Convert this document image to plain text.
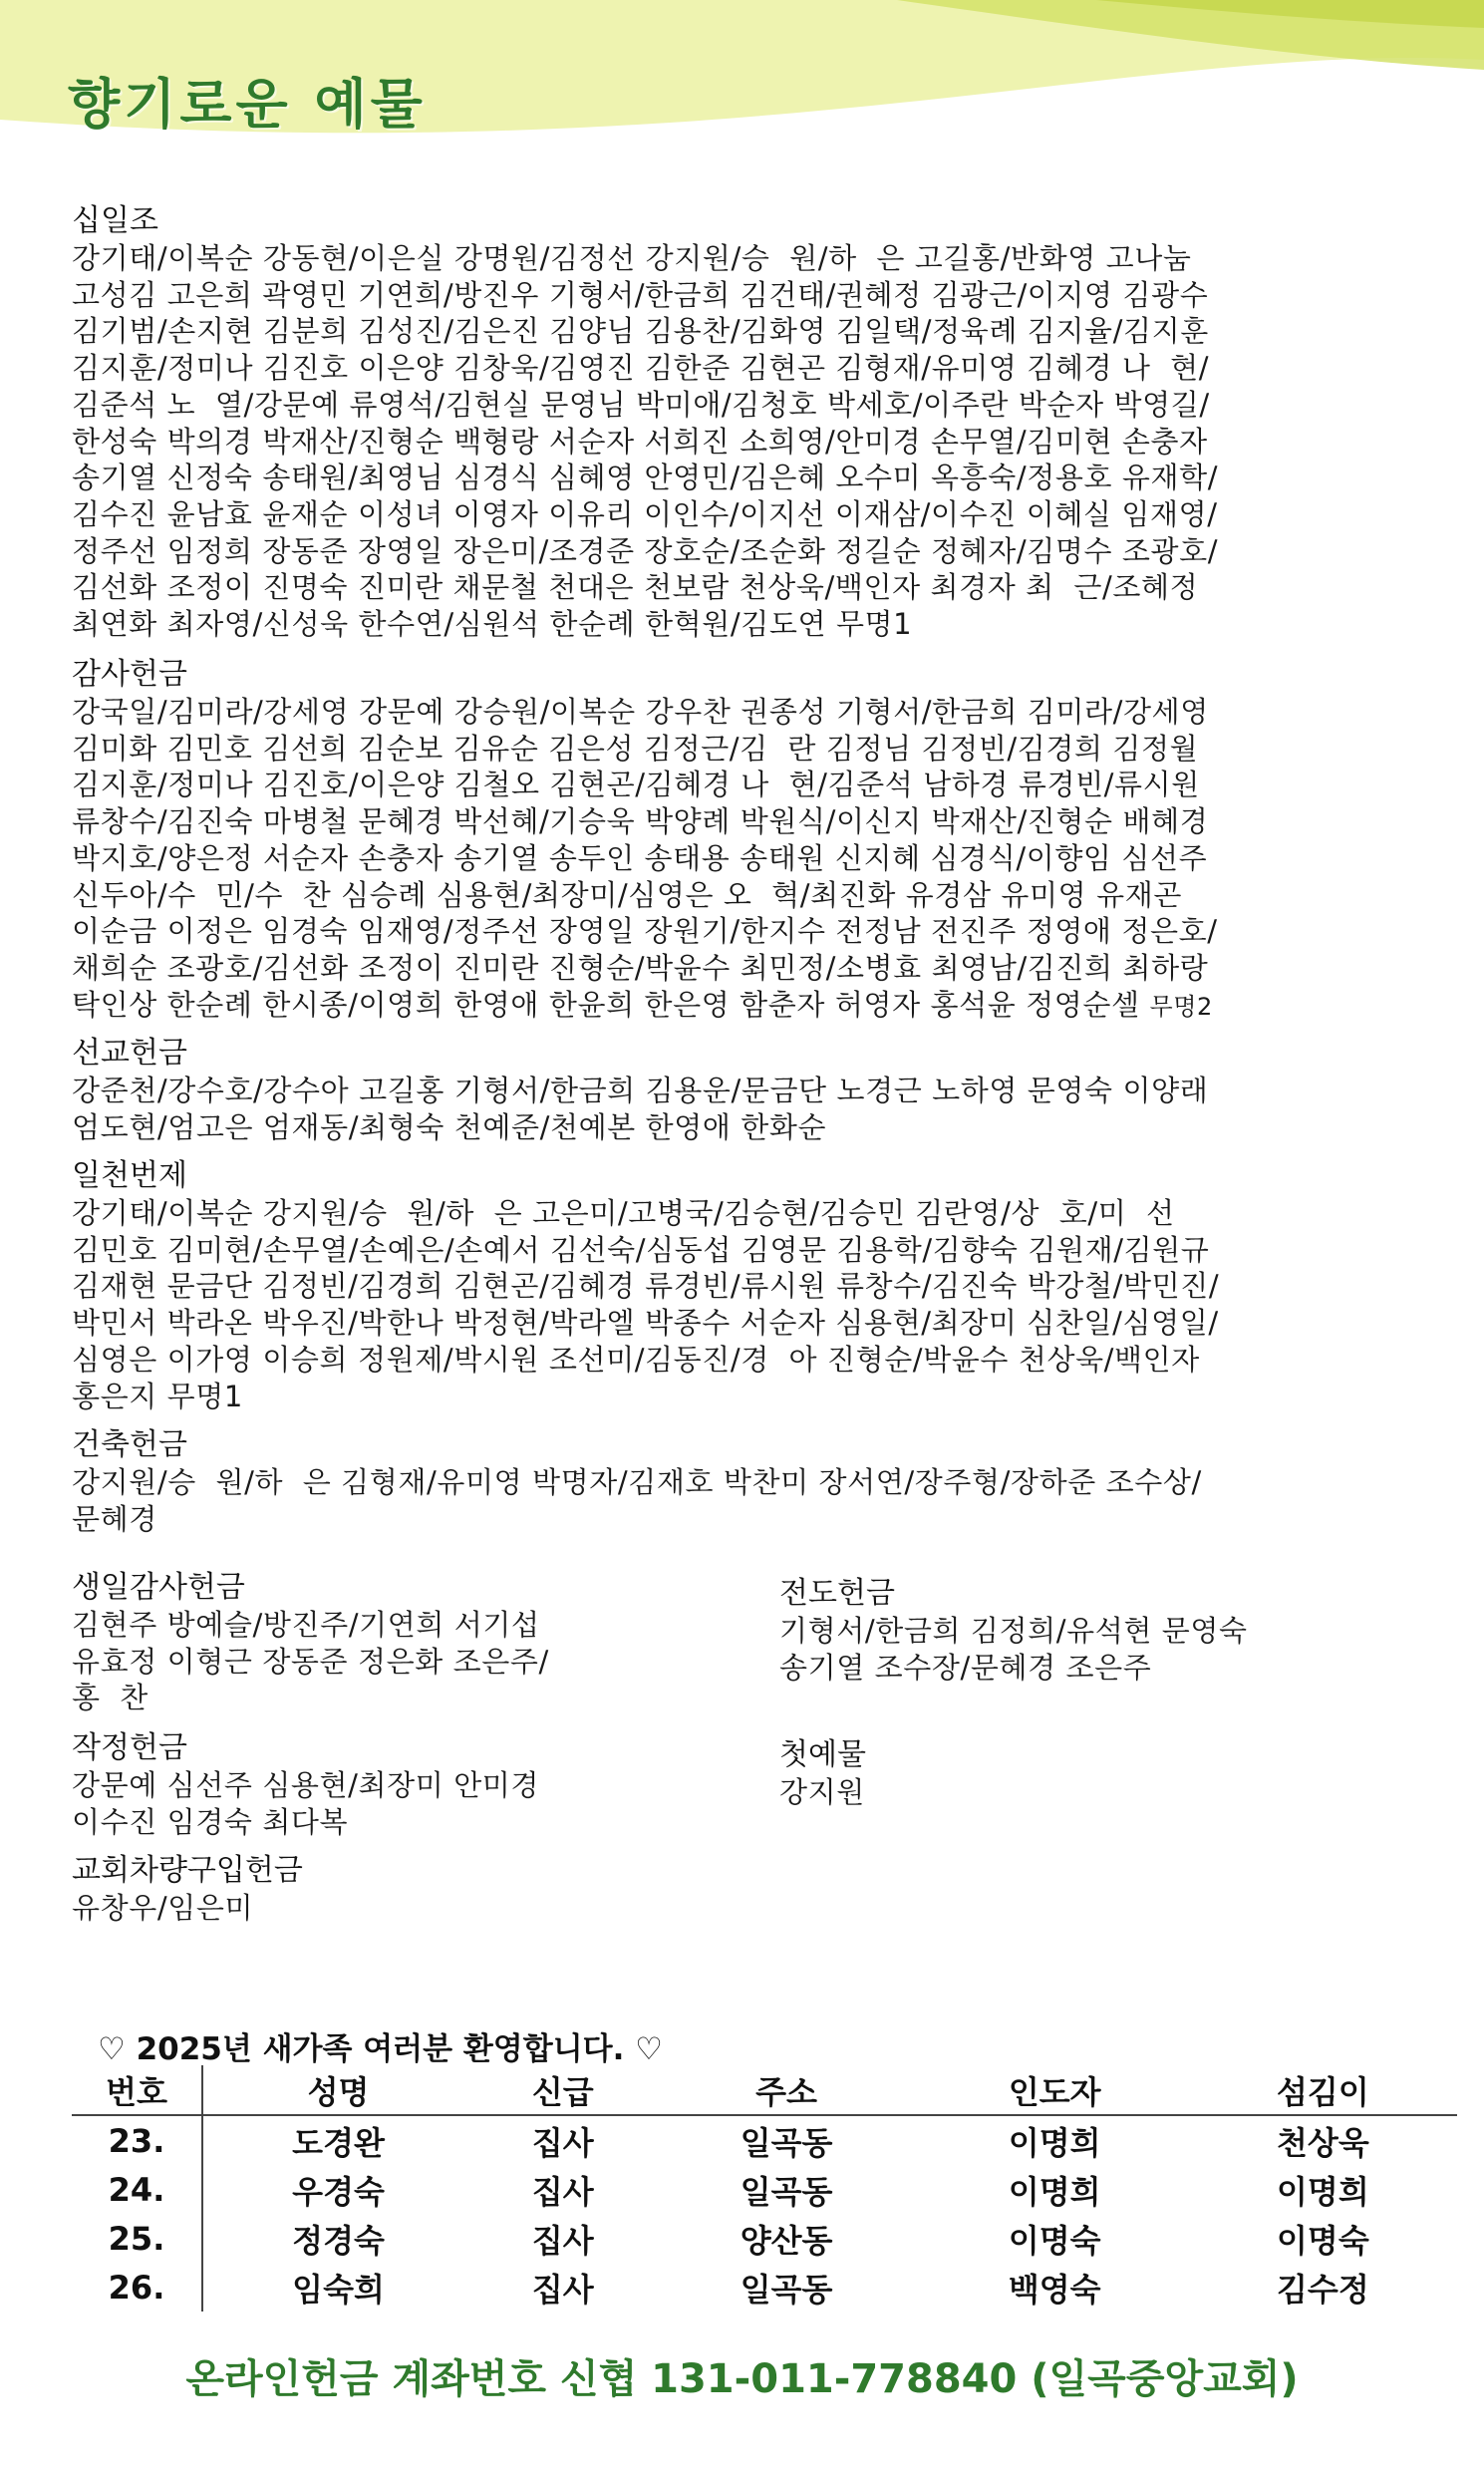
향기로운 예물
십일조
강기태/이복순 강동현/이은실 강명원/김정선 강지원/승  원/하  은 고길홍/반화영 고나눔
고성김 고은희 곽영민 기연희/방진우 기형서/한금희 김건태/권혜정 김광근/이지영 김광수
김기범/손지현 김분희 김성진/김은진 김양님 김용찬/김화영 김일택/정육례 김지율/김지훈
김지훈/정미나 김진호 이은양 김창욱/김영진 김한준 김현곤 김형재/유미영 김혜경 나  현/
김준석 노  열/강문예 류영석/김현실 문영님 박미애/김청호 박세호/이주란 박순자 박영길/
한성숙 박의경 박재산/진형순 백형랑 서순자 서희진 소희영/안미경 손무열/김미현 손충자
송기열 신정숙 송태원/최영님 심경식 심혜영 안영민/김은혜 오수미 옥흥숙/정용호 유재학/
김수진 윤남효 윤재순 이성녀 이영자 이유리 이인수/이지선 이재삼/이수진 이혜실 임재영/
정주선 임정희 장동준 장영일 장은미/조경준 장호순/조순화 정길순 정혜자/김명수 조광호/
김선화 조정이 진명숙 진미란 채문철 천대은 천보람 천상욱/백인자 최경자 최  근/조혜정
최연화 최자영/신성욱 한수연/심원석 한순례 한혁원/김도연 무명1
감사헌금
강국일/김미라/강세영 강문예 강승원/이복순 강우찬 권종성 기형서/한금희 김미라/강세영
김미화 김민호 김선희 김순보 김유순 김은성 김정근/김  란 김정님 김정빈/김경희 김정월
김지훈/정미나 김진호/이은양 김철오 김현곤/김혜경 나  현/김준석 남하경 류경빈/류시원
류창수/김진숙 마병철 문혜경 박선혜/기승욱 박양례 박원식/이신지 박재산/진형순 배혜경
박지호/양은정 서순자 손충자 송기열 송두인 송태용 송태원 신지혜 심경식/이향임 심선주
신두아/수  민/수  찬 심승례 심용현/최장미/심영은 오  혁/최진화 유경삼 유미영 유재곤
이순금 이정은 임경숙 임재영/정주선 장영일 장원기/한지수 전정남 전진주 정영애 정은호/
채희순 조광호/김선화 조정이 진미란 진형순/박윤수 최민정/소병효 최영남/김진희 최하랑
탁인상 한순례 한시종/이영희 한영애 한윤희 한은영 함춘자 허영자 홍석윤 정영순셀 무명2
선교헌금
강준천/강수호/강수아 고길홍 기형서/한금희 김용운/문금단 노경근 노하영 문영숙 이양래
엄도현/엄고은 엄재동/최형숙 천예준/천예본 한영애 한화순
일천번제
강기태/이복순 강지원/승  원/하  은 고은미/고병국/김승현/김승민 김란영/상  호/미  선
김민호 김미현/손무열/손예은/손예서 김선숙/심동섭 김영문 김용학/김향숙 김원재/김원규
김재현 문금단 김정빈/김경희 김현곤/김혜경 류경빈/류시원 류창수/김진숙 박강철/박민진/
박민서 박라온 박우진/박한나 박정현/박라엘 박종수 서순자 심용현/최장미 심찬일/심영일/
심영은 이가영 이승희 정원제/박시원 조선미/김동진/경  아 진형순/박윤수 천상욱/백인자
홍은지 무명1
건축헌금
강지원/승  원/하  은 김형재/유미영 박명자/김재호 박찬미 장서연/장주형/장하준 조수상/
문혜경
생일감사헌금
김현주 방예슬/방진주/기연희 서기섭
유효정 이형근 장동준 정은화 조은주/
홍  찬
작정헌금
강문예 심선주 심용현/최장미 안미경
이수진 임경숙 최다복
교회차량구입헌금
유창우/임은미
전도헌금
기형서/한금희 김정희/유석현 문영숙
송기열 조수장/문혜경 조은주
첫예물
강지원
♡ 2025년 새가족 여러분 환영합니다. ♡
번호	성명	신급	주소	인도자	섬김이
23.	도경완	집사	일곡동	이명희	천상욱
24.	우경숙	집사	일곡동	이명희	이명희
25.	정경숙	집사	양산동	이명숙	이명숙
26.	임숙희	집사	일곡동	백영숙	김수정
온라인헌금 계좌번호 신협 131-011-778840 (일곡중앙교회)
